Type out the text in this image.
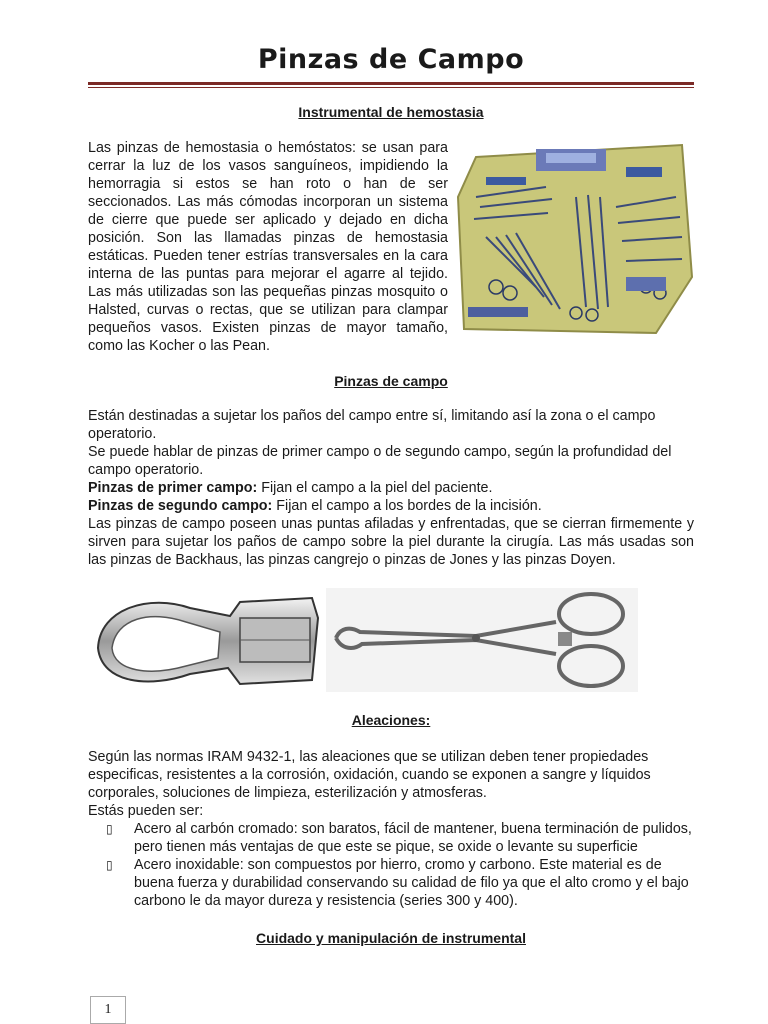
Pinzas de Campo
Instrumental de hemostasia
Las pinzas de hemostasia o hemóstatos: se usan para cerrar la luz de los vasos sanguíneos, impidiendo la hemorragia si estos se han roto o han de ser seccionados. Las más cómodas incorporan un sistema de cierre que puede ser aplicado y dejado en dicha posición. Son las llamadas pinzas de hemostasia estáticas. Pueden tener estrías transversales en la cara interna de las puntas para mejorar el agarre al tejido. Las más utilizadas son las pequeñas pinzas mosquito o Halsted, curvas o rectas, que se utilizan para clampar pequeños vasos. Existen pinzas de mayor tamaño, como las Kocher o las Pean.
Pinzas de campo
Están destinadas a sujetar los paños del campo entre sí, limitando así la zona o el campo operatorio.
Se puede hablar de pinzas de primer campo o de segundo campo, según la profundidad del campo operatorio.
Pinzas de primer campo: Fijan el campo a la piel del paciente.
Pinzas de segundo campo: Fijan el campo a los bordes de la incisión.
Las pinzas de campo poseen unas puntas afiladas y enfrentadas, que se cierran firmemente y sirven para sujetar los paños de campo sobre la piel durante la cirugía. Las más usadas son las pinzas de Backhaus, las pinzas cangrejo o pinzas de Jones y las pinzas Doyen.
Aleaciones:
Según las normas IRAM 9432-1, las aleaciones que se utilizan deben tener propiedades especificas, resistentes a la corrosión, oxidación, cuando se exponen a sangre y líquidos corporales, soluciones de limpieza, esterilización y atmosferas.
Estás pueden ser:
▯	Acero al carbón cromado: son baratos, fácil de mantener, buena terminación de pulidos, pero tienen más ventajas de que este se pique, se oxide o levante su superficie
▯	Acero inoxidable: son compuestos por hierro, cromo y carbono. Este material es de buena fuerza y durabilidad conservando su calidad de filo ya que el alto cromo y el bajo carbono le da mayor dureza y resistencia (series 300 y 400).
Cuidado y manipulación de instrumental
1
